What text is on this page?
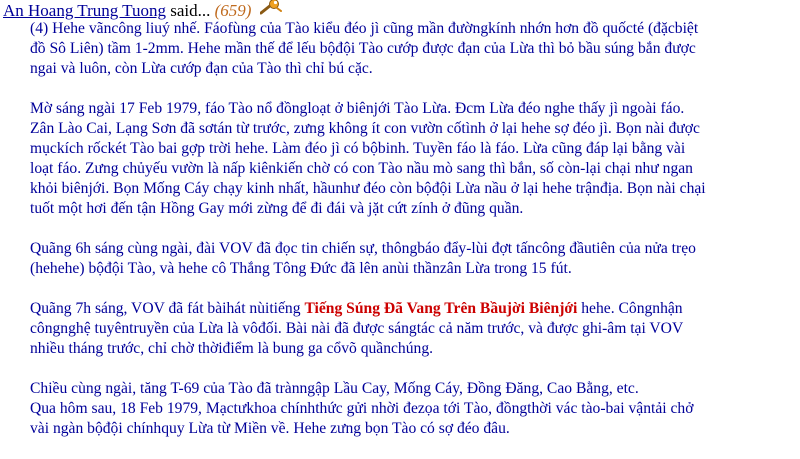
An Hoang Trung Tuong said... (659)

(4) Hehe vãncông liuý nhế. Fáofùng của Tào kiểu đéo jì cũng mần đườngkính nhớn hơn đồ quốcté (đặcbiệt

đồ Sô Liên) tầm 1-2mm. Hehe mần thế để lếu bộđội Tào cướp được đạn của Lừa thì bỏ bầu súng bắn được

ngai và luôn, còn Lừa cướp đạn của Tào thì chỉ bú cặc.

Mờ sáng ngài 17 Feb 1979, fáo Tào nổ đồngloạt ở biênjới Tào Lừa. Đcm Lừa đéo nghe thấy jì ngoài fáo.

Zân Lào Cai, Lạng Sơn đã sơtán từ trước, zưng không ít con vườn cốtình ở lại hehe sợ đéo jì. Bọn nài được

mụckích rốckét Tào bai gợp trời hehe. Làm đéo jì có bộbinh. Tuyền fáo là fáo. Lừa cũng đáp lại bằng vài

loạt fáo. Zưng chủyếu vườn là nấp kiênkiến chờ có con Tào nầu mò sang thì bắn, số còn-lại chại như ngan

khỏi biênjới. Bọn Mống Cáy chạy kinh nhất, hầunhư đéo còn bộđội Lừa nầu ở lại hehe trậnđịa. Bọn nài chại

tuốt một hơi đến tận Hồng Gay mới zừng để đi đái và jặt cứt zính ở đũng quần.

Quãng 6h sáng cùng ngài, đài VOV đã đọc tin chiến sự, thôngbáo đẩy-lùi đợt tấncông đầutiên của nửa trẹo

(hehehe) bộđội Tào, và hehe cô Thắng Tông Đức đã lên anùi thầnzân Lừa trong 15 fút.

Quãng 7h sáng, VOV đã fát bàihát nùitiếng Tiếng Súng Đã Vang Trên Bầujời Biênjới hehe. Côngnhận

côngnghệ tuyêntruyền của Lừa là vôđối. Bài nài đã được sángtác cả năm trước, và được ghi-âm tại VOV

nhiều tháng trước, chỉ chờ thờiđiểm là bung ga cổvõ quầnchúng.

Chiều cùng ngài, tăng T-69 của Tào đã trànngập Lầu Cay, Mống Cáy, Đồng Đăng, Cao Bằng, etc.

Qua hôm sau, 18 Feb 1979, Mạctưkhoa chínhthức gửi nhời đezọa tới Tào, đồngthời vác tào-bai vậntải chở

vài ngàn bộđội chínhquy Lừa từ Miền về. Hehe zưng bọn Tào có sợ đéo đâu.
